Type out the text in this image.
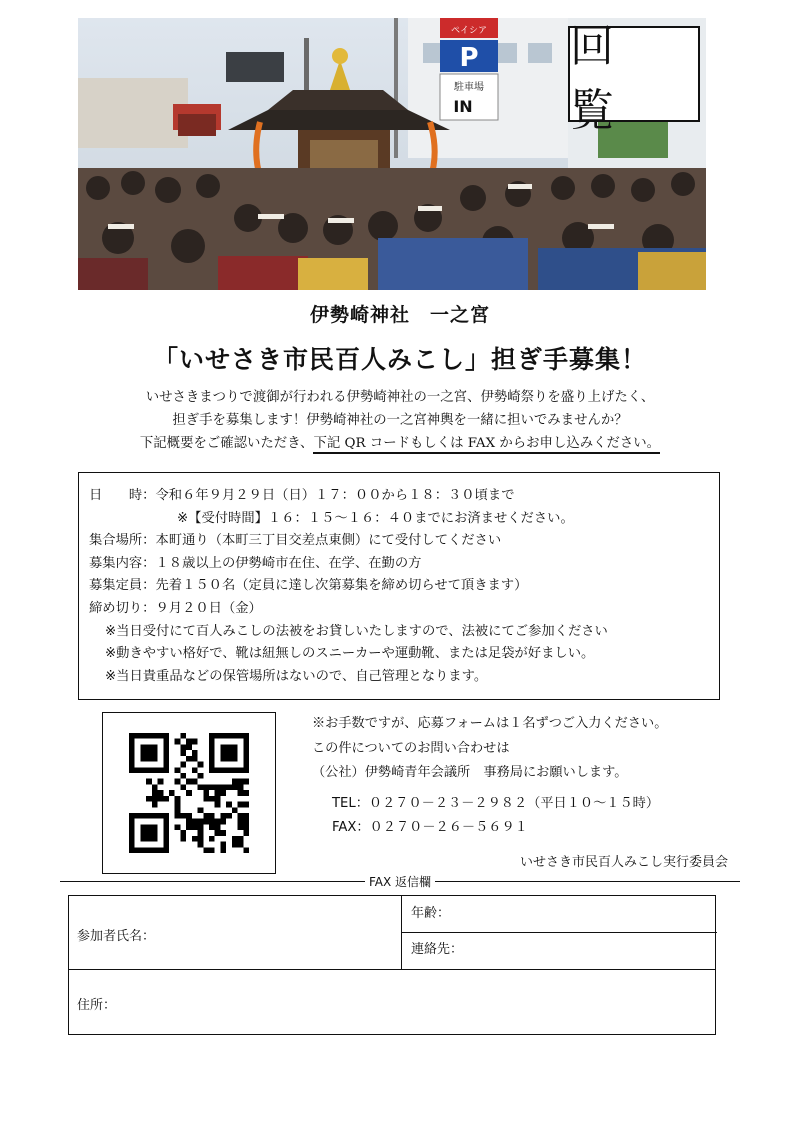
ペイシア
P
駐車場
IN
回 覧
伊勢崎神社　一之宮
「いせさき市民百人みこし」担ぎ手募集！
いせさきまつりで渡御が行われる伊勢崎神社の一之宮、伊勢崎祭りを盛り上げたく、
担ぎ手を募集します！伊勢崎神社の一之宮神輿を一緒に担いでみませんか？
下記概要をご確認いただき、下記 QR コードもしくは FAX からお申し込みください。
日　　時：令和６年９月２９日（日）１７：００から１８：３０頃まで
※【受付時間】１６：１５～１６：４０までにお済ませください。
集合場所：本町通り（本町三丁目交差点東側）にて受付してください
募集内容：１８歳以上の伊勢崎市在住、在学、在勤の方
募集定員：先着１５０名（定員に達し次第募集を締め切らせて頂きます）
締め切り：９月２０日（金）
※当日受付にて百人みこしの法被をお貸しいたしますので、法被にてご参加ください
※動きやすい格好で、靴は紐無しのスニーカーや運動靴、または足袋が好ましい。
※当日貴重品などの保管場所はないので、自己管理となります。
※お手数ですが、応募フォームは１名ずつご入力ください。
この件についてのお問い合わせは
（公社）伊勢崎青年会議所　事務局にお願いします。
TEL：０２７０－２３－２９８２（平日１０～１５時）
FAX：０２７０－２６－５６９１
いせさき市民百人みこし実行委員会
FAX 返信欄
参加者氏名：
年齢：
連絡先：
住所：
